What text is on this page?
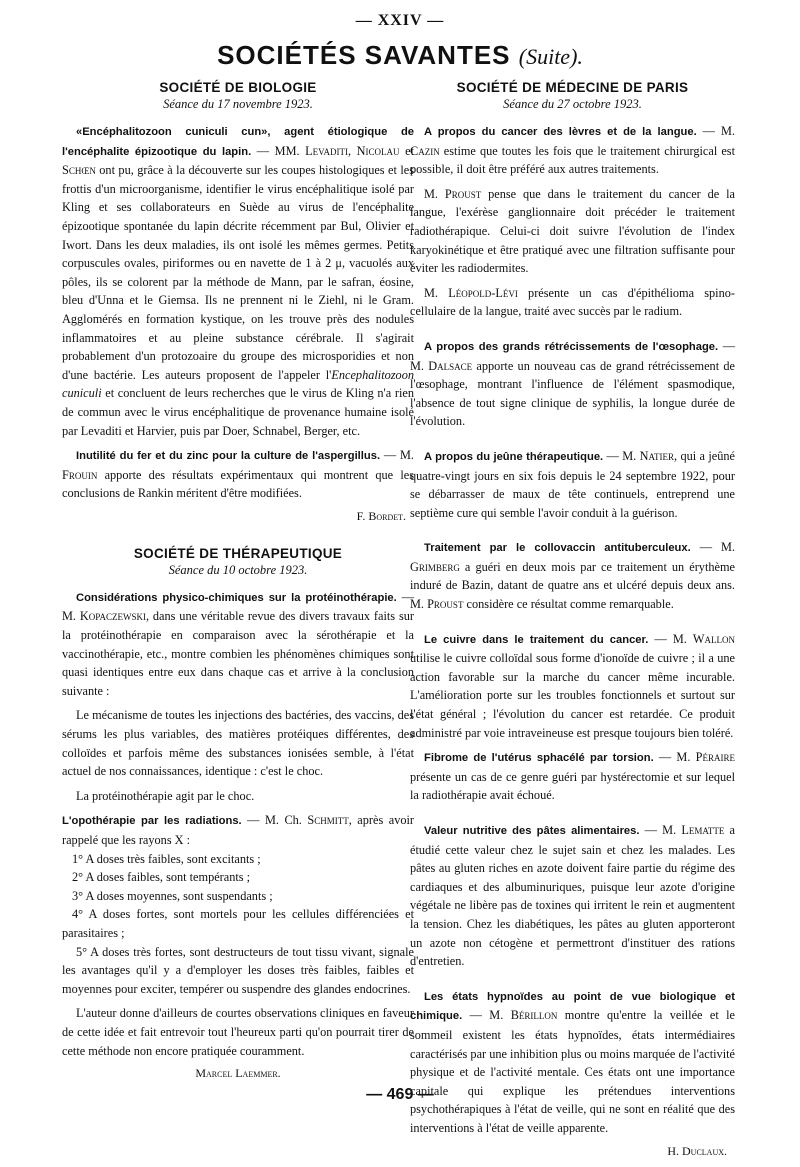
— XXIV —
SOCIÉTÉS SAVANTES (Suite).
SOCIÉTÉ DE BIOLOGIE
Séance du 17 novembre 1923.

«Encéphalitozoon cuniculi cun», agent étiologique de l'encéphalite épizootique du lapin. — MM. Levaditi, Nicolau et Schœn ont pu, grâce à la découverte sur les coupes histologiques et les frottis d'un microorganisme, identifier le virus encéphalitique isolé par Kling et ses collaborateurs en Suède au virus de l'encéphalite épizootique spontanée du lapin décrite récemment par Bul, Olivier et Iwort. Dans les deux maladies, ils ont isolé les mêmes germes. Petits corpuscules ovales, piriformes ou en navette de 1 à 2 μ, vacuolés aux pôles, ils se colorent par la méthode de Mann, par le safran, éosine, bleu d'Unna et le Giemsa. Ils ne prennent ni le Ziehl, ni le Gram. Agglomérés en formation kystique, on les trouve près des nodules inflammatoires et au pleine substance cérébrale. Il s'agirait probablement d'un protozoaire du groupe des microsporidies et non d'une bactérie. Les auteurs proposent de l'appeler l'Encephalitozoon cuniculi et concluent de leurs recherches que le virus de Kling n'a rien de commun avec le virus encéphalitique de provenance humaine isolé par Levaditi et Harvier, puis par Doer, Schnabel, Berger, etc.

Inutilité du fer et du zinc pour la culture de l'aspergillus. — M. Frouin apporte des résultats expérimentaux qui montrent que les conclusions de Rankin méritent d'être modifiées.

F. Bordet.
SOCIÉTÉ DE THÉRAPEUTIQUE
Séance du 10 octobre 1923.

Considérations physico-chimiques sur la protéinothérapie. — M. Kopaczewski, dans une véritable revue des divers travaux faits sur la protéinothérapie en comparaison avec la sérothérapie et la vaccinothérapie, etc., montre combien les phénomènes chimiques sont quasi identiques entre eux dans chaque cas et arrive à la conclusion suivante :

Le mécanisme de toutes les injections des bactéries, des vaccins, des sérums les plus variables, des matières protéiques différentes, des colloïdes et parfois même des substances ionisées semble, à l'état actuel de nos connaissances, identique : c'est le choc.

La protéinothérapie agit par le choc.

L'opothérapie par les radiations. — M. Ch. Schmitt, après avoir rappelé que les rayons X :

1° A doses très faibles, sont excitants ;
2° A doses faibles, sont tempérants ;
3° A doses moyennes, sont suspendants ;
4° A doses fortes, sont mortels pour les cellules différenciées et parasitaires ;

5° A doses très fortes, sont destructeurs de tout tissu vivant, signale les avantages qu'il y a d'employer les doses très faibles, faibles et moyennes pour exciter, tempérer ou suspendre des glandes endocrines.

L'auteur donne d'ailleurs de courtes observations cliniques en faveur de cette idée et fait entrevoir tout l'heureux parti qu'on pourrait tirer de cette méthode non encore pratiquée couramment.

Marcel Laemmer.
SOCIÉTÉ DE MÉDECINE DE PARIS
Séance du 27 octobre 1923.

A propos du cancer des lèvres et de la langue. — M. Cazin estime que toutes les fois que le traitement chirurgical est possible, il doit être préféré aux autres traitements.

M. Proust pense que dans le traitement du cancer de la langue, l'exérèse ganglionnaire doit précéder le traitement radiothérapique. Celui-ci doit suivre l'évolution de l'index karyokinétique et être pratiqué avec une filtration suffisante pour éviter les radiodermites.

M. Léopold-Lévi présente un cas d'épithélioma spino-cellulaire de la langue, traité avec succès par le radium.

A propos des grands rétrécissements de l'œsophage. — M. Dalsace apporte un nouveau cas de grand rétrécissement de l'œsophage, montrant l'influence de l'élément spasmodique, l'absence de tout signe clinique de syphilis, la longue durée de l'évolution.

A propos du jeûne thérapeutique. — M. Natier, qui a jeûné quatre-vingt jours en six fois depuis le 24 septembre 1922, pour se débarrasser de maux de tête continuels, entreprend une septième cure qui semble l'avoir conduit à la guérison.

Traitement par le collovaccin antituberculeux. — M. Grimberg a guéri en deux mois par ce traitement un érythème induré de Bazin, datant de quatre ans et ulcéré depuis deux ans. M. Proust considère ce résultat comme remarquable.

Le cuivre dans le traitement du cancer. — M. Wallon utilise le cuivre colloïdal sous forme d'ionoïde de cuivre ; il a une action favorable sur la marche du cancer même incurable. L'amélioration porte sur les troubles fonctionnels et surtout sur l'état général ; l'évolution du cancer est retardée. Ce produit administré par voie intraveineuse est presque toujours bien toléré.

Fibrome de l'utérus sphacélé par torsion. — M. Péraire présente un cas de ce genre guéri par hystérectomie et sur lequel la radiothérapie avait échoué.

Valeur nutritive des pâtes alimentaires. — M. Lematte a étudié cette valeur chez le sujet sain et chez les malades. Les pâtes au gluten riches en azote doivent faire partie du régime des cardiaques et des albuminuriques, puisque leur azote d'origine végétale ne libère pas de toxines qui irritent le rein et augmentent la tension. Chez les diabétiques, les pâtes au gluten apporteront un azote non cétogène et permettront d'instituer des rations d'entretien.

Les états hypnoïdes au point de vue biologique et chimique. — M. Bérillon montre qu'entre la veillée et le sommeil existent les états hypnoïdes, états intermédiaires caractérisés par une inhibition plus ou moins marquée de l'activité physique et de l'activité mentale. Ces états ont une importance capitale qui explique les prétendues interventions psychothérapiques à l'état de veille, qui ne sont en réalité que des interventions à l'état de veille apparente.

H. Duclaux.
— 469 —
